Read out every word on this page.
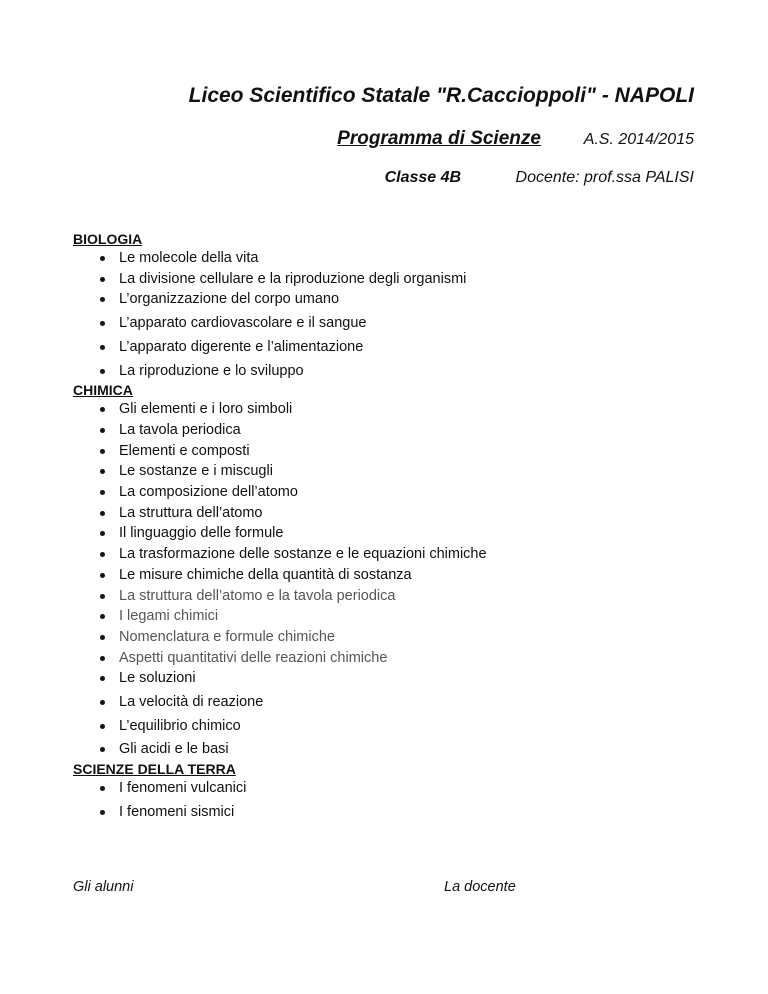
Liceo Scientifico Statale "R.Caccioppoli" - NAPOLI
Programma di Scienze	A.S. 2014/2015
Classe 4B	Docente: prof.ssa PALISI
BIOLOGIA
Le molecole della vita
La divisione cellulare e la riproduzione degli organismi
L’organizzazione del corpo umano
L’apparato cardiovascolare e il sangue
L’apparato digerente e l’alimentazione
La riproduzione e lo sviluppo
CHIMICA
Gli elementi e i loro simboli
La tavola periodica
Elementi e composti
Le sostanze e i miscugli
La composizione dell’atomo
La struttura dell’atomo
Il linguaggio delle formule
La trasformazione delle sostanze e le equazioni chimiche
Le misure chimiche della quantità di sostanza
La struttura dell’atomo e la tavola periodica
I legami chimici
Nomenclatura e formule chimiche
Aspetti quantitativi delle reazioni chimiche
Le soluzioni
La velocità di reazione
L’equilibrio chimico
Gli acidi e le basi
SCIENZE DELLA TERRA
I fenomeni vulcanici
I fenomeni sismici
Gli alunni	La docente
